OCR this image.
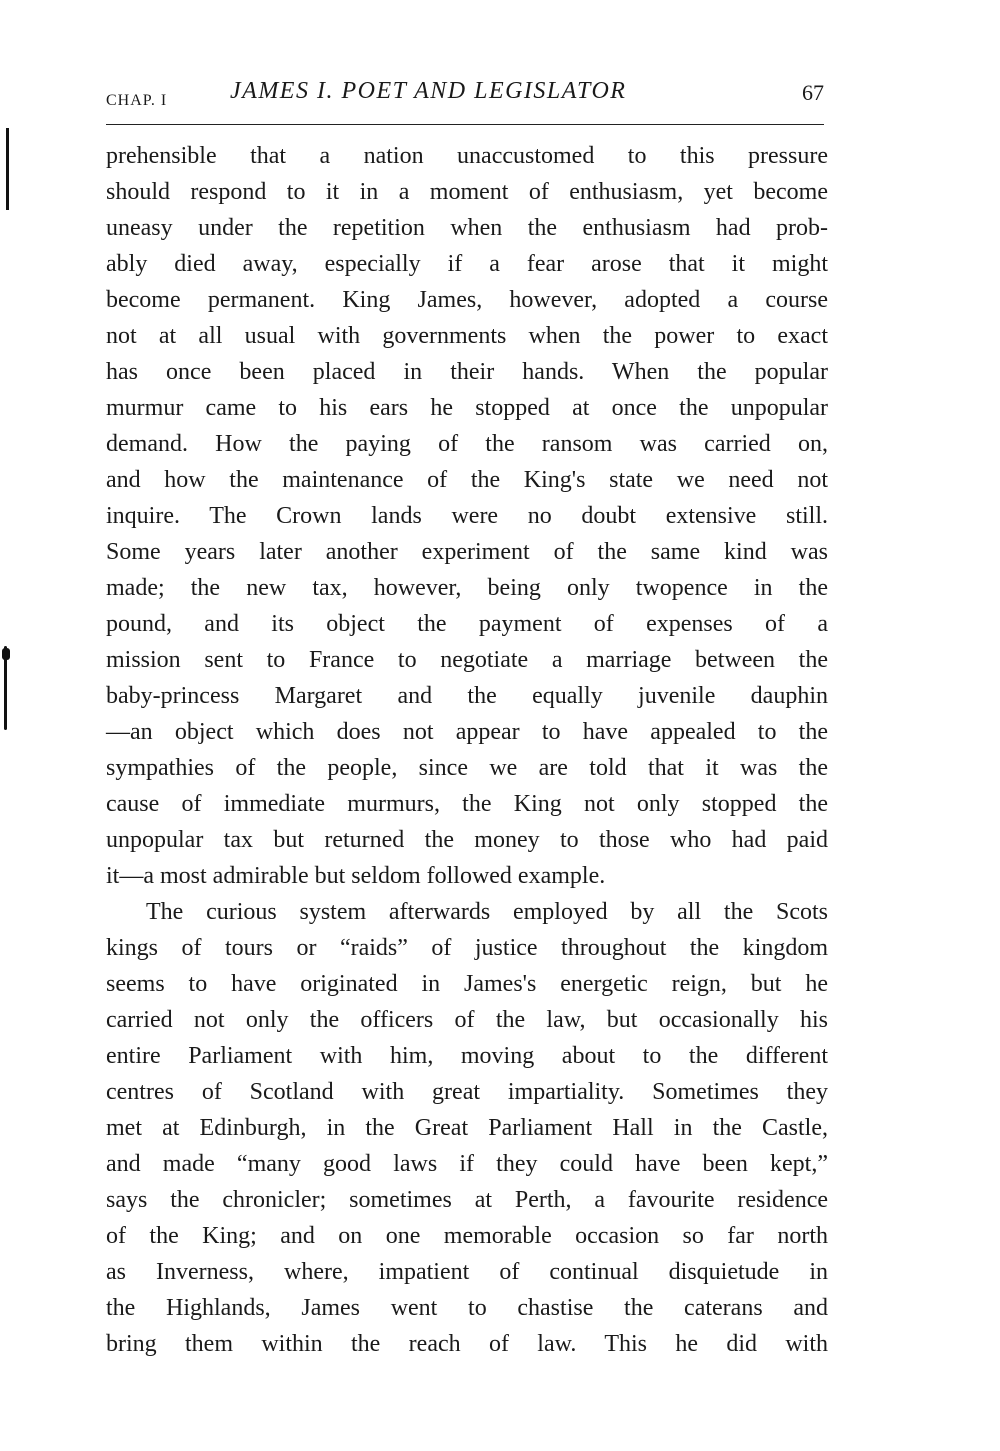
CHAP. I	JAMES I. POET AND LEGISLATOR	67

prehensible that a nation unaccustomed to this pressure
should respond to it in a moment of enthusiasm, yet become
uneasy under the repetition when the enthusiasm had prob-
ably died away, especially if a fear arose that it might
become permanent. King James, however, adopted a course
not at all usual with governments when the power to exact
has once been placed in their hands. When the popular
murmur came to his ears he stopped at once the unpopular
demand. How the paying of the ransom was carried on,
and how the maintenance of the King's state we need not
inquire. The Crown lands were no doubt extensive still.
Some years later another experiment of the same kind was
made; the new tax, however, being only twopence in the
pound, and its object the payment of expenses of a
mission sent to France to negotiate a marriage between the
baby-princess Margaret and the equally juvenile dauphin
—an object which does not appear to have appealed to the
sympathies of the people, since we are told that it was the
cause of immediate murmurs, the King not only stopped the
unpopular tax but returned the money to those who had paid
it—a most admirable but seldom followed example.

The curious system afterwards employed by all the Scots
kings of tours or “raids” of justice throughout the kingdom
seems to have originated in James's energetic reign, but he
carried not only the officers of the law, but occasionally his
entire Parliament with him, moving about to the different
centres of Scotland with great impartiality. Sometimes they
met at Edinburgh, in the Great Parliament Hall in the Castle,
and made “many good laws if they could have been kept,”
says the chronicler; sometimes at Perth, a favourite residence
of the King; and on one memorable occasion so far north
as Inverness, where, impatient of continual disquietude in
the Highlands, James went to chastise the caterans and
bring them within the reach of law. This he did with
